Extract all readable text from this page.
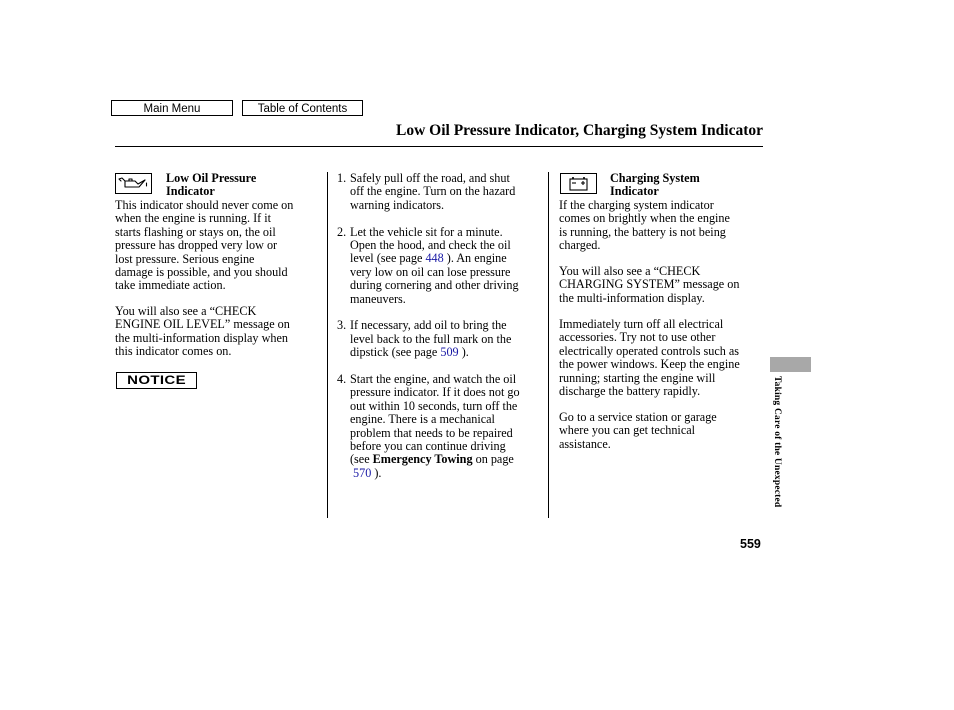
Main Menu	Table of Contents
Low Oil Pressure Indicator, Charging System Indicator
Low Oil Pressure
Indicator
This indicator should never come on
when the engine is running. If it
starts flashing or stays on, the oil
pressure has dropped very low or
lost pressure. Serious engine
damage is possible, and you should
take immediate action.
You will also see a “CHECK
ENGINE OIL LEVEL” message on
the multi-information display when
this indicator comes on.
NOTICE
1. Safely pull off the road, and shut
off the engine. Turn on the hazard
warning indicators.
2. Let the vehicle sit for a minute.
Open the hood, and check the oil
level (see page 448 ). An engine
very low on oil can lose pressure
during cornering and other driving
maneuvers.
3. If necessary, add oil to bring the
level back to the full mark on the
dipstick (see page 509 ).
4. Start the engine, and watch the oil
pressure indicator. If it does not go
out within 10 seconds, turn off the
engine. There is a mechanical
problem that needs to be repaired
before you can continue driving
(see Emergency Towing on page
570 ).
Charging System
Indicator
If the charging system indicator
comes on brightly when the engine
is running, the battery is not being
charged.
You will also see a “CHECK
CHARGING SYSTEM” message on
the multi-information display.
Immediately turn off all electrical
accessories. Try not to use other
electrically operated controls such as
the power windows. Keep the engine
running; starting the engine will
discharge the battery rapidly.
Go to a service station or garage
where you can get technical
assistance.	Taking Care of the Unexpected
559
